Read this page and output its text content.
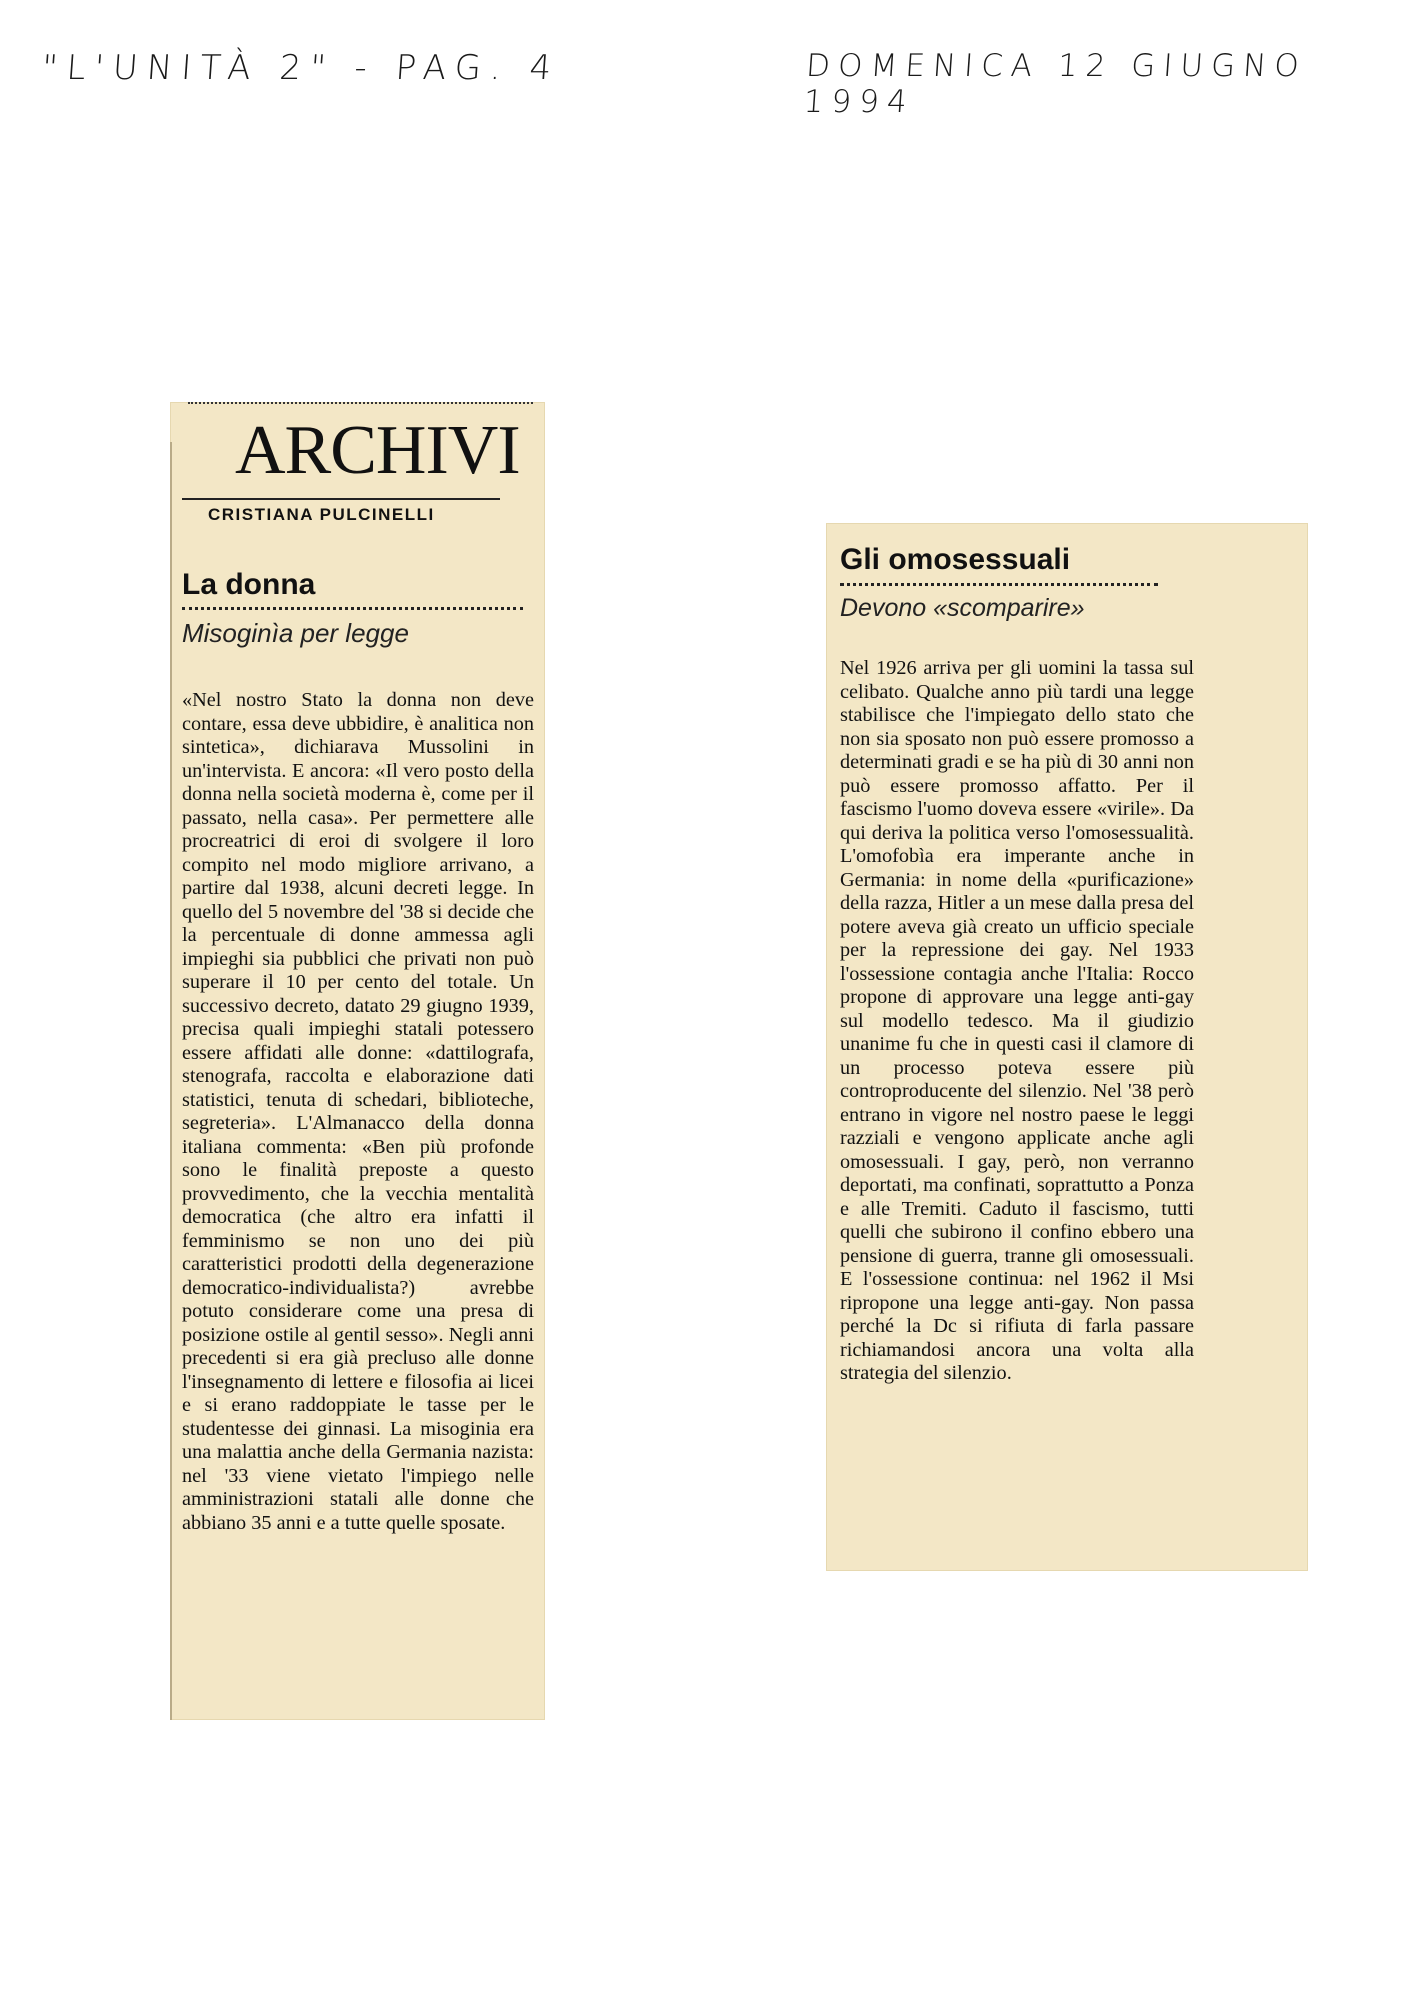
"L'UNITÀ 2" - PAG. 4	DOMENICA 12 GIUGNO 1994
ARCHIVI
CRISTIANA PULCINELLI
La donna
Misoginìa per legge
«Nel nostro Stato la donna non deve contare, essa deve ubbidire, è analitica non sintetica», dichiarava Mussolini in un'intervista. E ancora: «Il vero posto della donna nella società moderna è, come per il passato, nella casa». Per permettere alle procreatrici di eroi di svolgere il loro compito nel modo migliore arrivano, a partire dal 1938, alcuni decreti legge. In quello del 5 novembre del '38 si decide che la percentuale di donne ammessa agli impieghi sia pubblici che privati non può superare il 10 per cento del totale. Un successivo decreto, datato 29 giugno 1939, precisa quali impieghi statali potessero essere affidati alle donne: «dattilografa, stenografa, raccolta e elaborazione dati statistici, tenuta di schedari, biblioteche, segreteria». L'Almanacco della donna italiana commenta: «Ben più profonde sono le finalità preposte a questo provvedimento, che la vecchia mentalità democratica (che altro era infatti il femminismo se non uno dei più caratteristici prodotti della degenerazione democratico-individualista?) avrebbe potuto considerare come una presa di posizione ostile al gentil sesso». Negli anni precedenti si era già precluso alle donne l'insegnamento di lettere e filosofia ai licei e si erano raddoppiate le tasse per le studentesse dei ginnasi. La misoginia era una malattia anche della Germania nazista: nel '33 viene vietato l'impiego nelle amministrazioni statali alle donne che abbiano 35 anni e a tutte quelle sposate.
Gli omosessuali
Devono «scomparire»
Nel 1926 arriva per gli uomini la tassa sul celibato. Qualche anno più tardi una legge stabilisce che l'impiegato dello stato che non sia sposato non può essere promosso a determinati gradi e se ha più di 30 anni non può essere promosso affatto. Per il fascismo l'uomo doveva essere «virile». Da qui deriva la politica verso l'omosessualità. L'omofobìa era imperante anche in Germania: in nome della «purificazione» della razza, Hitler a un mese dalla presa del potere aveva già creato un ufficio speciale per la repressione dei gay. Nel 1933 l'ossessione contagia anche l'Italia: Rocco propone di approvare una legge anti-gay sul modello tedesco. Ma il giudizio unanime fu che in questi casi il clamore di un processo poteva essere più controproducente del silenzio. Nel '38 però entrano in vigore nel nostro paese le leggi razziali e vengono applicate anche agli omosessuali. I gay, però, non verranno deportati, ma confinati, soprattutto a Ponza e alle Tremiti. Caduto il fascismo, tutti quelli che subirono il confino ebbero una pensione di guerra, tranne gli omosessuali. E l'ossessione continua: nel 1962 il Msi ripropone una legge anti-gay. Non passa perché la Dc si rifiuta di farla passare richiamandosi ancora una volta alla strategia del silenzio.
